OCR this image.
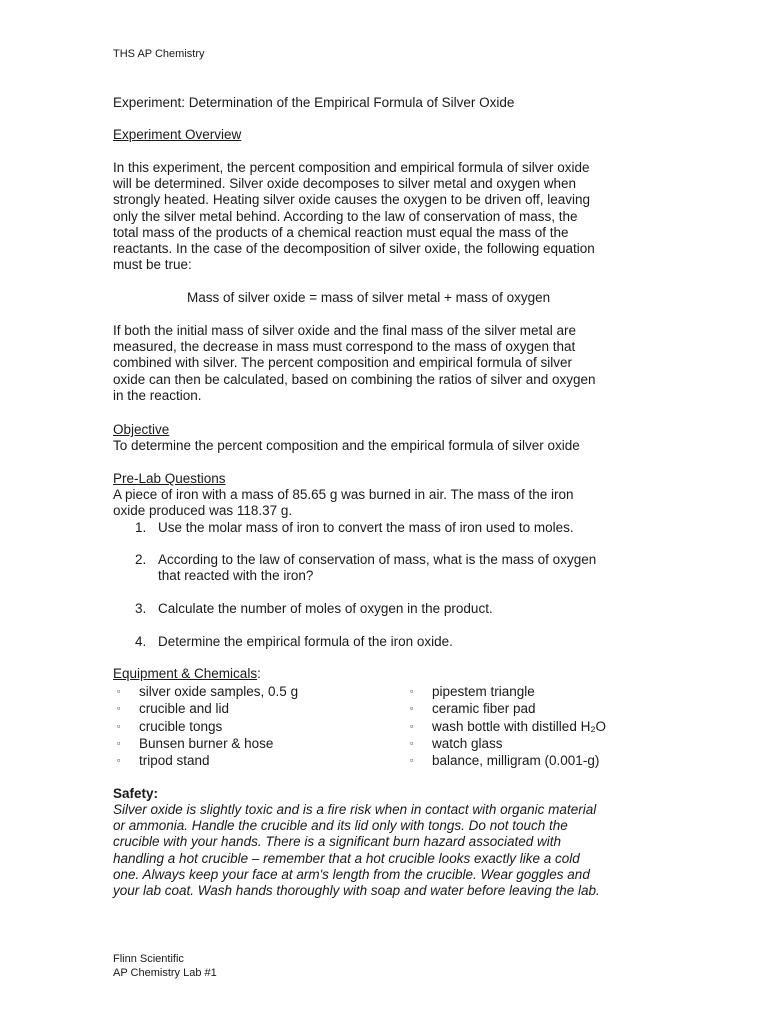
THS AP Chemistry
Experiment: Determination of the Empirical Formula of Silver Oxide
Experiment Overview
In this experiment, the percent composition and empirical formula of silver oxide
will be determined. Silver oxide decomposes to silver metal and oxygen when
strongly heated. Heating silver oxide causes the oxygen to be driven off, leaving
only the silver metal behind. According to the law of conservation of mass, the
total mass of the products of a chemical reaction must equal the mass of the
reactants. In the case of the decomposition of silver oxide, the following equation
must be true:
Mass of silver oxide = mass of silver metal + mass of oxygen
If both the initial mass of silver oxide and the final mass of the silver metal are
measured, the decrease in mass must correspond to the mass of oxygen that
combined with silver. The percent composition and empirical formula of silver
oxide can then be calculated, based on combining the ratios of silver and oxygen
in the reaction.
Objective
To determine the percent composition and the empirical formula of silver oxide
Pre-Lab Questions
A piece of iron with a mass of 85.65 g was burned in air. The mass of the iron
oxide produced was 118.37 g.
1. Use the molar mass of iron to convert the mass of iron used to moles.
2. According to the law of conservation of mass, what is the mass of oxygen
that reacted with the iron?
3. Calculate the number of moles of oxygen in the product.
4. Determine the empirical formula of the iron oxide.
Equipment & Chemicals:
▫ silver oxide samples, 0.5 g
▫ crucible and lid
▫ crucible tongs
▫ Bunsen burner & hose
▫ tripod stand
▫ pipestem triangle
▫ ceramic fiber pad
▫ wash bottle with distilled H₂O
▫ watch glass
▫ balance, milligram (0.001-g)
Safety:
Silver oxide is slightly toxic and is a fire risk when in contact with organic material
or ammonia. Handle the crucible and its lid only with tongs. Do not touch the
crucible with your hands. There is a significant burn hazard associated with
handling a hot crucible – remember that a hot crucible looks exactly like a cold
one. Always keep your face at arm's length from the crucible. Wear goggles and
your lab coat. Wash hands thoroughly with soap and water before leaving the lab.
Flinn Scientific
AP Chemistry Lab #1
